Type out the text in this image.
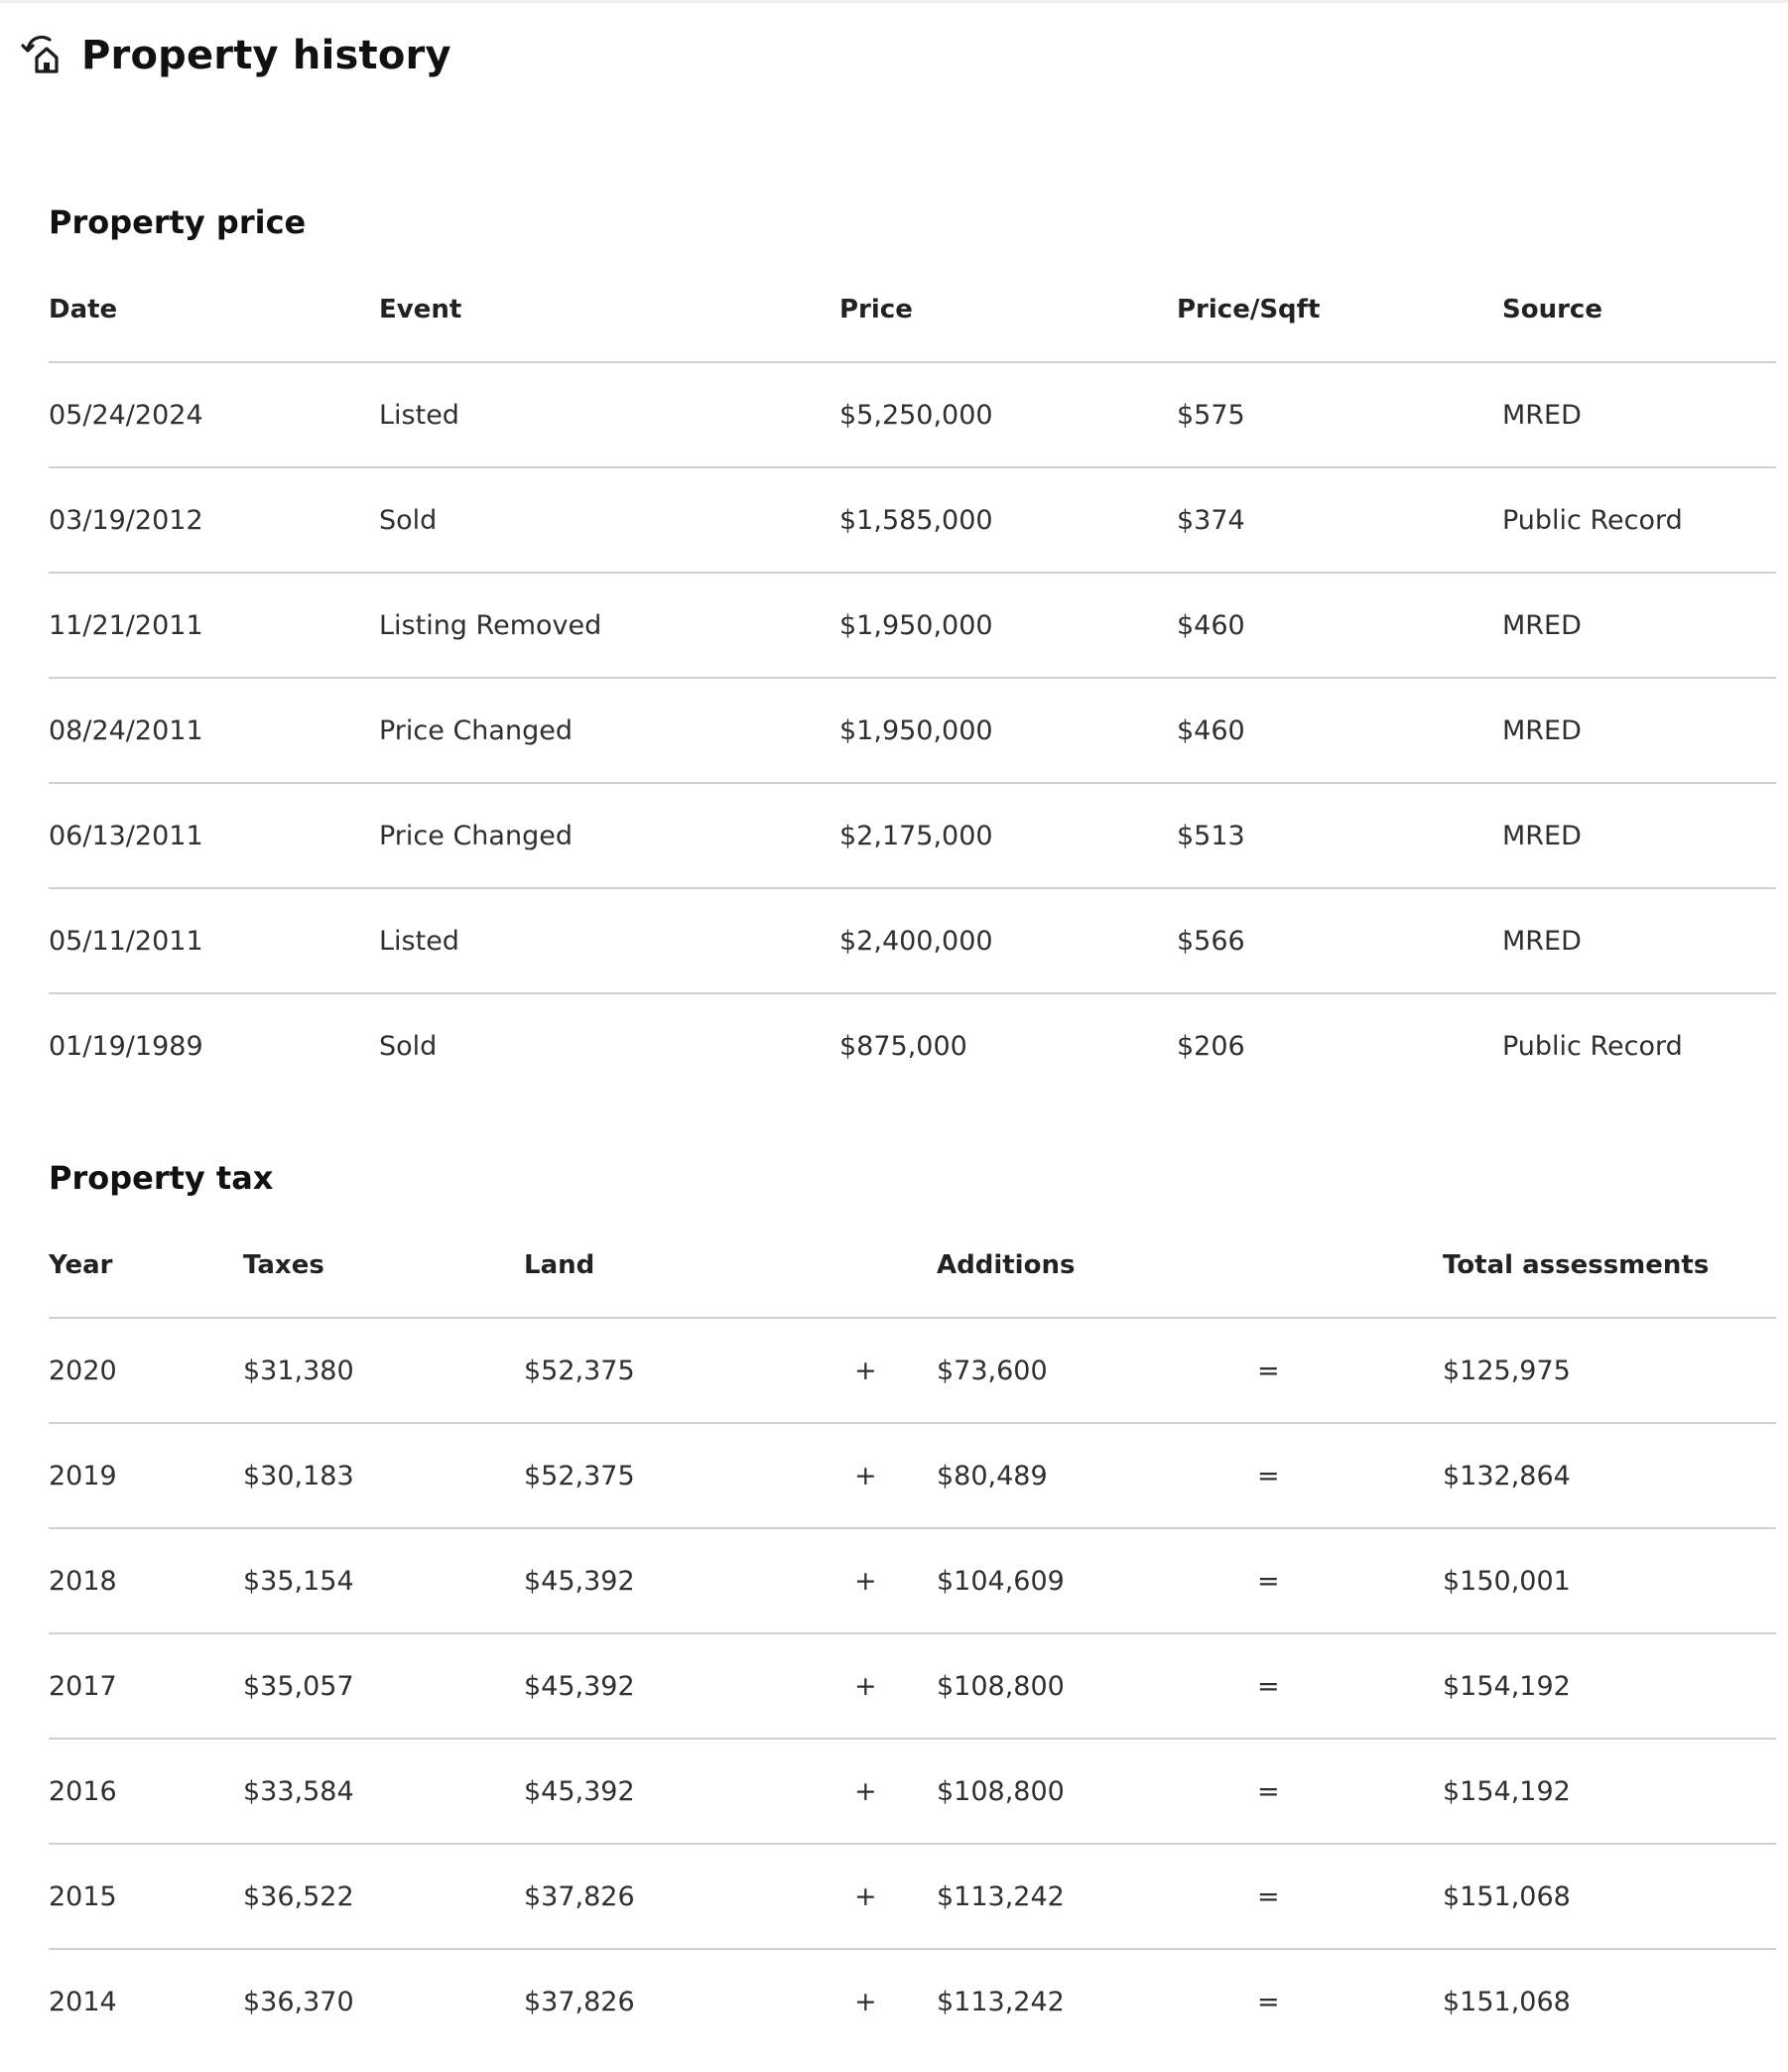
Property history
Property price
Date	Event	Price	Price/Sqft	Source
05/24/2024	Listed	$5,250,000	$575	MRED
03/19/2012	Sold	$1,585,000	$374	Public Record
11/21/2011	Listing Removed	$1,950,000	$460	MRED
08/24/2011	Price Changed	$1,950,000	$460	MRED
06/13/2011	Price Changed	$2,175,000	$513	MRED
05/11/2011	Listed	$2,400,000	$566	MRED
01/19/1989	Sold	$875,000	$206	Public Record
Property tax
Year	Taxes	Land		Additions		Total assessments
2020	$31,380	$52,375	+	$73,600	=	$125,975
2019	$30,183	$52,375	+	$80,489	=	$132,864
2018	$35,154	$45,392	+	$104,609	=	$150,001
2017	$35,057	$45,392	+	$108,800	=	$154,192
2016	$33,584	$45,392	+	$108,800	=	$154,192
2015	$36,522	$37,826	+	$113,242	=	$151,068
2014	$36,370	$37,826	+	$113,242	=	$151,068
